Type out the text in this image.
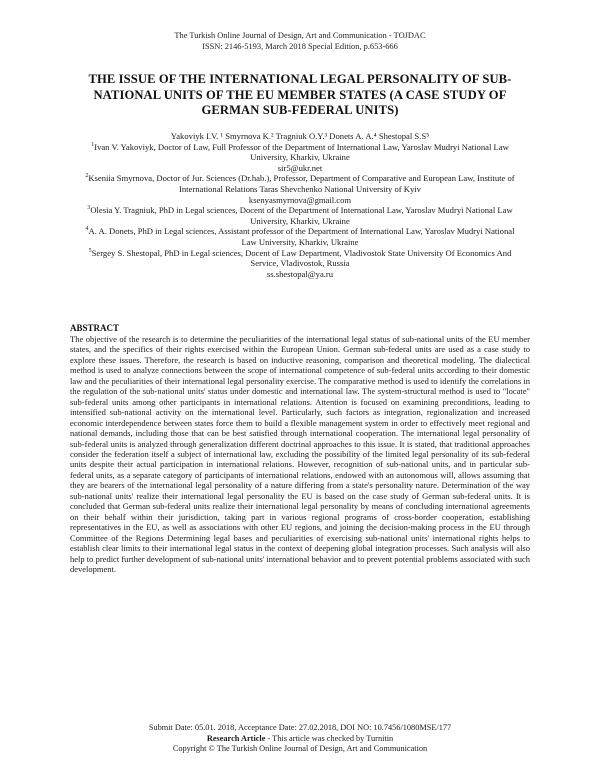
The Turkish Online Journal of Design, Art and Communication - TOJDAC
ISSN: 2146-5193, March 2018 Special Edition, p.653-666
THE ISSUE OF THE INTERNATIONAL LEGAL PERSONALITY OF SUB-NATIONAL UNITS OF THE EU MEMBER STATES (A CASE STUDY OF GERMAN SUB-FEDERAL UNITS)
Yakoviyk I.V. ¹ Smyrnova K.² Tragniuk O.Y.³ Donets A. A.⁴ Shestopal S.S⁵
$^1$Ivan V. Yakoviyk, Doctor of Law, Full Professor of the Department of International Law, Yaroslav Mudryi National Law University, Kharkiv, Ukraine
sir5@ukr.net
$^2$Kseniia Smyrnova, Doctor of Jur. Sciences (Dr.hab.), Professor, Department of Comparative and European Law, Institute of International Relations Taras Shevchenko National University of Kyiv
ksenyasmyrnova@gmail.com
$^3$Olesia Y. Tragniuk, PhD in Legal sciences, Docent of the Department of International Law, Yaroslav Mudryi National Law University, Kharkiv, Ukraine
$^4$A. A. Donets, PhD in Legal sciences, Assistant professor of the Department of International Law, Yaroslav Mudryi National Law University, Kharkiv, Ukraine
$^5$Sergey S. Shestopal, PhD in Legal sciences, Docent of Law Department, Vladivostok State University Of Economics And Service, Vladivostok, Russia
ss.shestopal@ya.ru
ABSTRACT
The objective of the research is to determine the peculiarities of the international legal status of sub-national units of the EU member states, and the specifics of their rights exercised within the European Union. German sub-federal units are used as a case study to explore these issues. Therefore, the research is based on inductive reasoning, comparison and theoretical modeling. The dialectical method is used to analyze connections between the scope of international competence of sub-federal units according to their domestic law and the peculiarities of their international legal personality exercise. The comparative method is used to identify the correlations in the regulation of the sub-national units' status under domestic and international law. The system-structural method is used to "locate" sub-federal units among other participants in international relations. Attention is focused on examining preconditions, leading to intensified sub-national activity on the international level. Particularly, such factors as integration, regionalization and increased economic interdependence between states force them to build a flexible management system in order to effectively meet regional and national demands, including those that can be best satisfied through international cooperation. The international legal personality of sub-federal units is analyzed through generalization different doctrinal approaches to this issue. It is stated, that traditional approaches consider the federation itself a subject of international law, excluding the possibility of the limited legal personality of its sub-federal units despite their actual participation in international relations. However, recognition of sub-national units, and in particular sub-federal units, as a separate category of participants of international relations, endowed with an autonomous will, allows assuming that they are bearers of the international legal personality of a nature differing from a state's personality nature. Determination of the way sub-national units' realize their international legal personality the EU is based on the case study of German sub-federal units. It is concluded that German sub-federal units realize their international legal personality by means of concluding international agreements on their behalf within their jurisdiction, taking part in various regional programs of cross-border cooperation, establishing representatives in the EU, as well as associations with other EU regions, and joining the decision-making process in the EU through Committee of the Regions Determining legal bases and peculiarities of exercising sub-national units' international rights helps to establish clear limits to their international legal status in the context of deepening global integration processes. Such analysis will also help to predict further development of sub-national units' international behavior and to prevent potential problems associated with such development.
Submit Date: 05.01. 2018, Acceptance Date: 27.02.2018, DOI NO: 10.7456/1080MSE/177
Research Article - This article was checked by Turnitin
Copyright © The Turkish Online Journal of Design, Art and Communication
